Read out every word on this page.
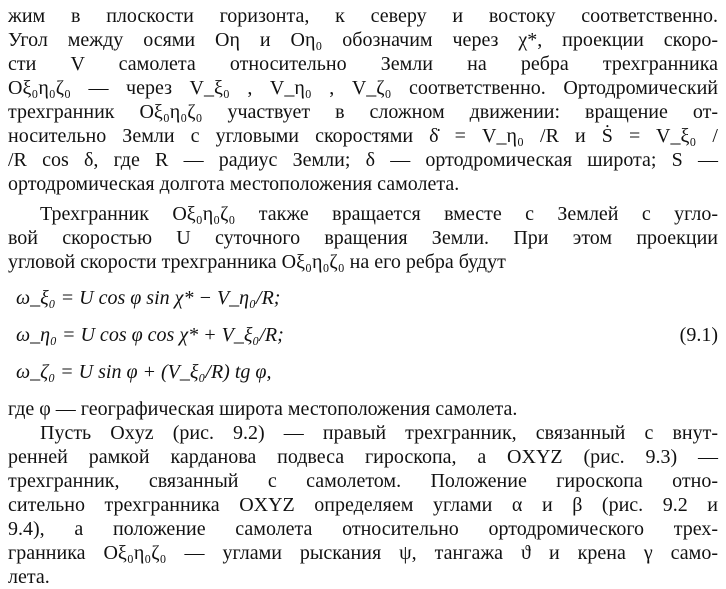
жим в плоскости горизонта, к северу и востоку соответственно.

Угол между осями Оη и Оη₀ обозначим через χ*, проекции скоро-

сти V самолета относительно Земли на ребра трехгранника

Оξ₀η₀ζ₀ — через V_ξ₀ , V_η₀ , V_ζ₀ соответственно. Ортодромический

трехгранник Оξ₀η₀ζ₀ участвует в сложном движении: вращение от-

носительно Земли с угловыми скоростями δ̇ = V_η₀ /R и Ṡ = V_ξ₀ /

/R cos δ, где R — радиус Земли; δ — ортодромическая широта; S —

ортодромическая долгота местоположения самолета.

Трехгранник Оξ₀η₀ζ₀ также вращается вместе с Землей с угло-

вой скоростью U суточного вращения Земли. При этом проекции

угловой скорости трехгранника Оξ₀η₀ζ₀ на его ребра будут

ω_ξ₀ = U cos φ sin χ* − V_η₀/R;
ω_η₀ = U cos φ cos χ* + V_ξ₀/R;
ω_ζ₀ = U sin φ + (V_ξ₀/R) tg φ,
(9.1)

где φ — географическая широта местоположения самолета.

Пусть Oxyz (рис. 9.2) — правый трехгранник, связанный с внут-

ренней рамкой карданова подвеса гироскопа, а OXYZ (рис. 9.3) —

трехгранник, связанный с самолетом. Положение гироскопа отно-

сительно трехгранника OXYZ определяем углами α и β (рис. 9.2 и

9.4), а положение самолета относительно ортодромического трех-

гранника Оξ₀η₀ζ₀ — углами рыскания ψ, тангажа ϑ и крена γ само-

лета.
